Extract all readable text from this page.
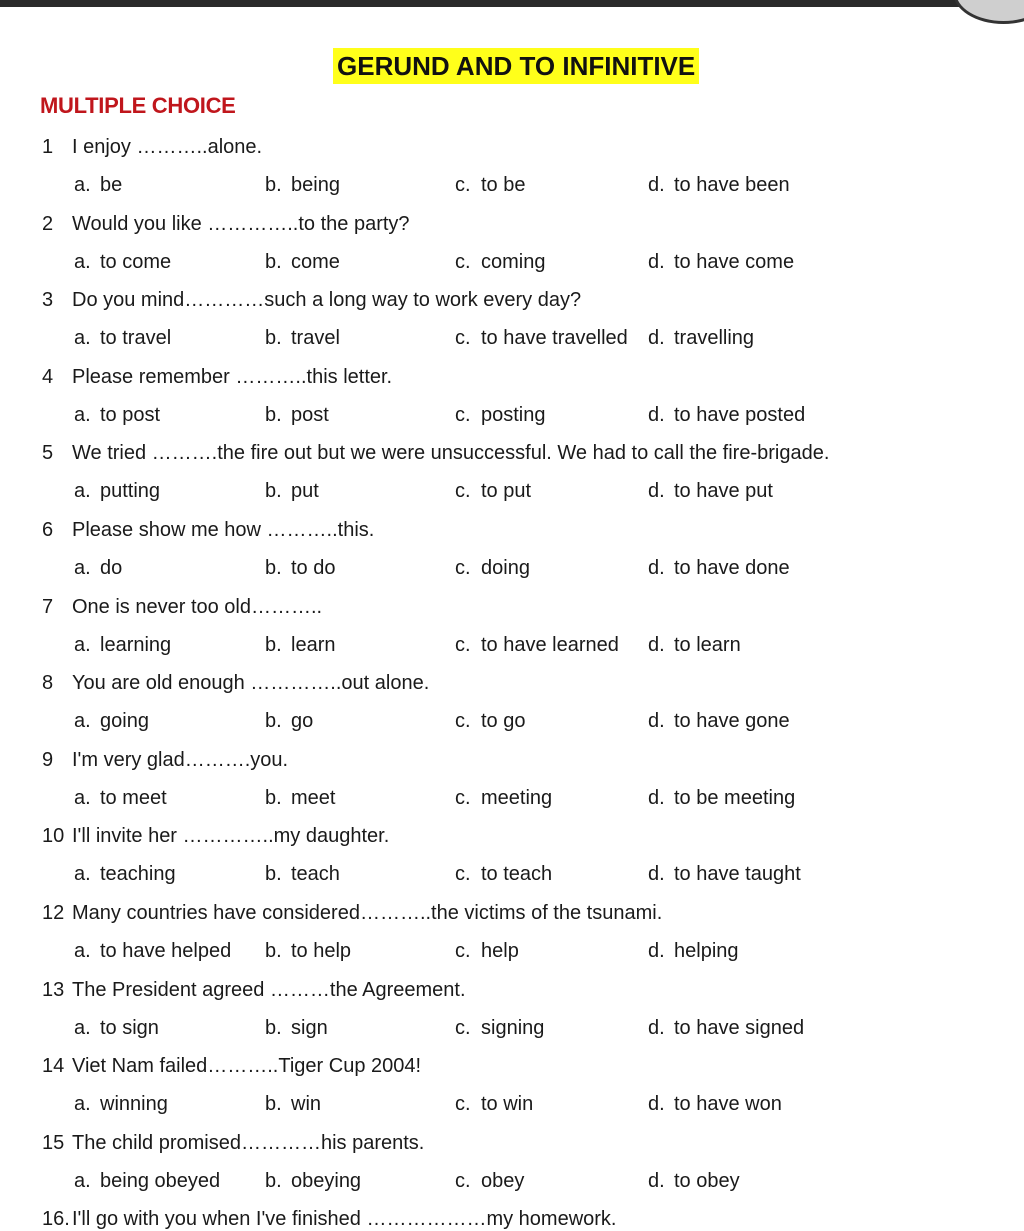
GERUND AND TO INFINITIVE
MULTIPLE CHOICE
1 I enjoy ………..alone.
a. be	b. being	c. to be	d. to have been
2 Would you like …………..to the party?
a. to come	b. come	c. coming	d. to have come
3 Do you mind…………such a long way to work every day?
a. to travel	b. travel	c. to have travelled d. travelling
4 Please remember ………..this letter.
a. to post	b. post	c. posting	d. to have posted
5 We tried ……….the fire out but we were unsuccessful. We had to call the fire-brigade.
a. putting	b. put	c. to put	d. to have put
6 Please show me how ………..this.
a. do	b. to do	c. doing	d. to have done
7 One is never too old………..
a. learning	b. learn	c. to have learned d. to learn
8 You are old enough …………..out alone.
a. going	b. go	c. to go	d. to have gone
9 I'm very glad……….you.
a. to meet	b. meet	c. meeting	d. to be meeting
10 I'll invite her …………..my daughter.
a. teaching	b. teach	c. to teach	d. to have taught
12 Many countries have considered………..the victims of the tsunami.
a. to have helped b. to help	c. help	d. helping
13 The President agreed ………the Agreement.
a. to sign	b. sign	c. signing	d. to have signed
14 Viet Nam failed………..Tiger Cup 2004!
a. winning	b. win	c. to win	d. to have won
15 The child promised…………his parents.
a. being obeyed b. obeying	c. obey	d. to obey
16. I'll go with you when I've finished ………………my homework.
